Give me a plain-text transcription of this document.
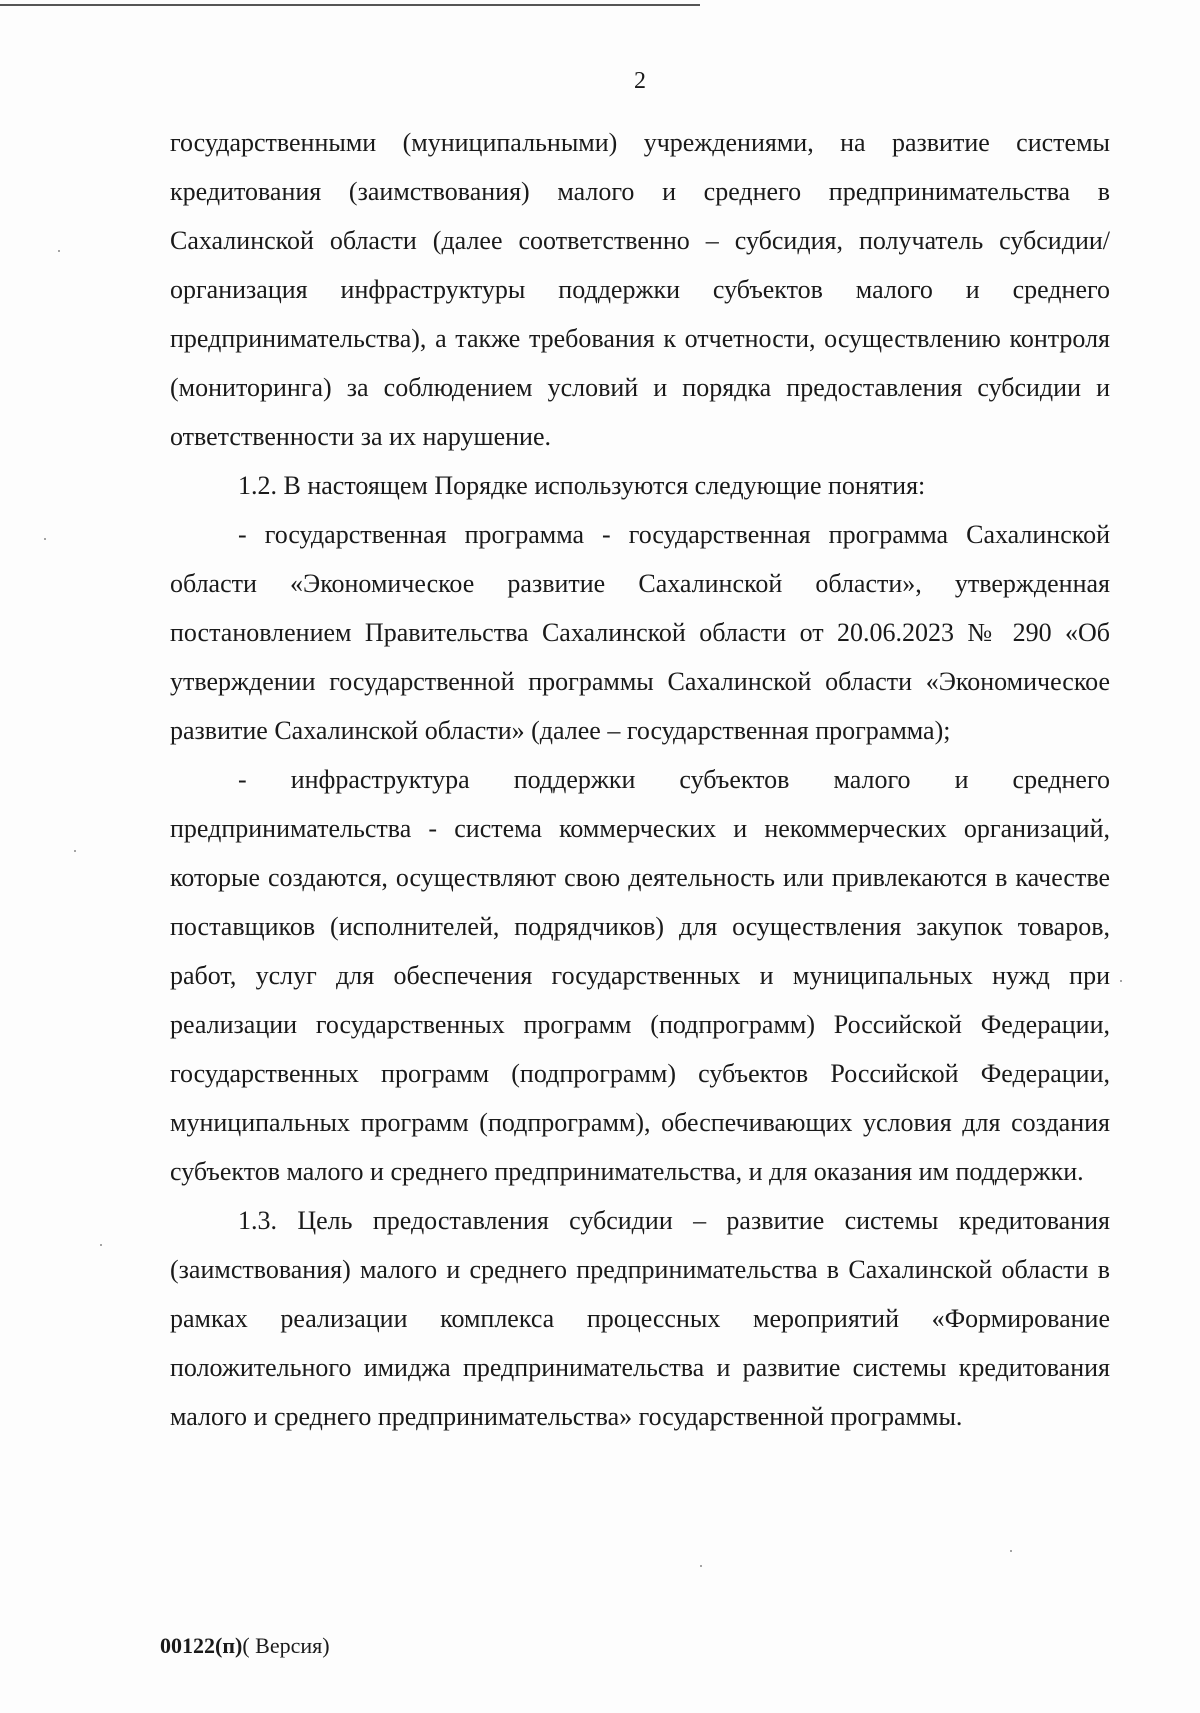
2

государственными (муниципальными) учреждениями, на развитие системы кредитования (заимствования) малого и среднего предпринимательства в Сахалинской области (далее соответственно – субсидия, получатель субсидии/организация инфраструктуры поддержки субъектов малого и среднего предпринимательства), а также требования к отчетности, осуществлению контроля (мониторинга) за соблюдением условий и порядка предоставления субсидии и ответственности за их нарушение.

1.2. В настоящем Порядке используются следующие понятия:

- государственная программа - государственная программа Сахалинской области «Экономическое развитие Сахалинской области», утвержденная постановлением Правительства Сахалинской области от 20.06.2023 № 290 «Об утверждении государственной программы Сахалинской области «Экономическое развитие Сахалинской области» (далее – государственная программа);

- инфраструктура поддержки субъектов малого и среднего предпринимательства - система коммерческих и некоммерческих организаций, которые создаются, осуществляют свою деятельность или привлекаются в качестве поставщиков (исполнителей, подрядчиков) для осуществления закупок товаров, работ, услуг для обеспечения государственных и муниципальных нужд при реализации государственных программ (подпрограмм) Российской Федерации, государственных программ (подпрограмм) субъектов Российской Федерации, муниципальных программ (подпрограмм), обеспечивающих условия для создания субъектов малого и среднего предпринимательства, и для оказания им поддержки.

1.3. Цель предоставления субсидии – развитие системы кредитования (заимствования) малого и среднего предпринимательства в Сахалинской области в рамках реализации комплекса процессных мероприятий «Формирование положительного имиджа предпринимательства и развитие системы кредитования малого и среднего предпринимательства» государственной программы.

00122(п)( Версия)
